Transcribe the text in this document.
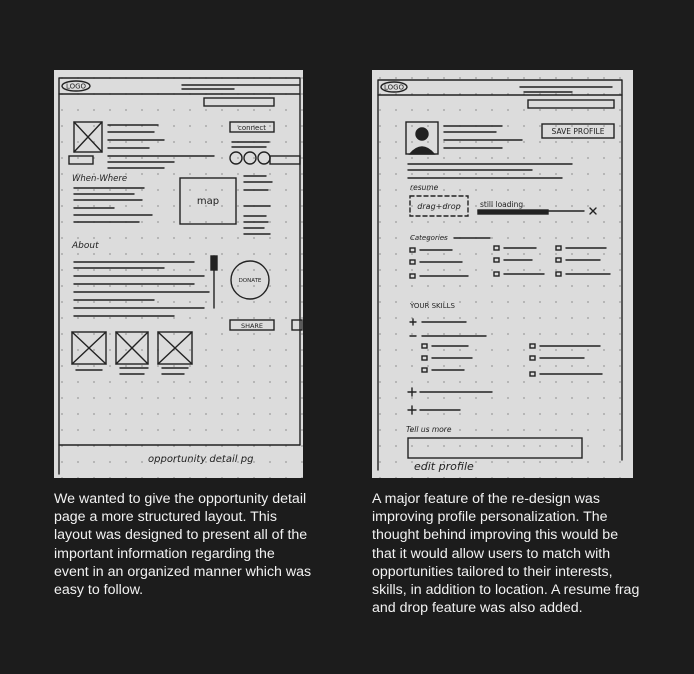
LOGO
connect
When-Where
map
About
DONATE
SHARE
opportunity detail pg
LOGO
SAVE PROFILE
resume
drag+drop	still loading
Categories
YOUR SKILLS
Tell us more
edit profile

We wanted to give the opportunity detail page a more structured layout. This layout was designed to present all of the important information regarding the event in an organized manner which was easy to follow.

A major feature of the re-design was improving profile personalization. The thought behind improving this would be that it would allow users to match with opportunities tailored to their interests, skills, in addition to location. A resume frag and drop feature was also added.
